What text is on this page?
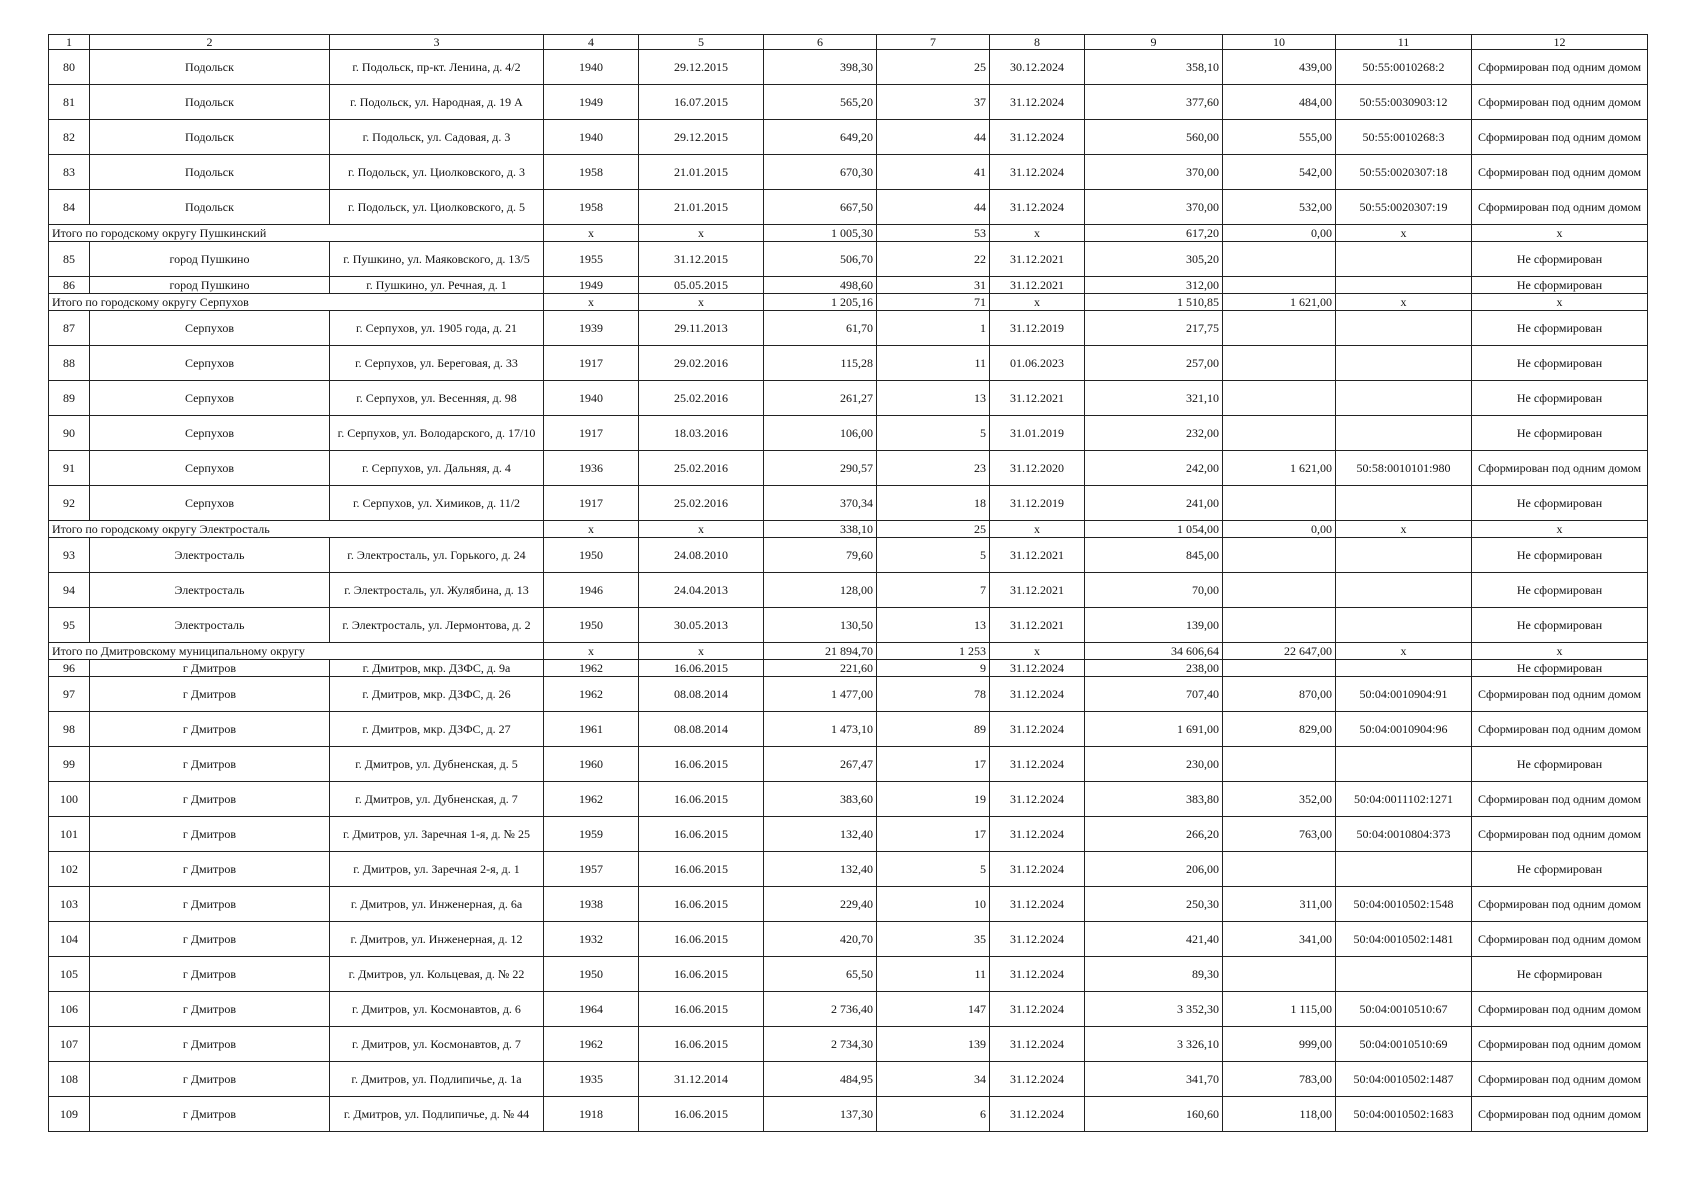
1	2	3	4	5	6	7	8	9	10	11	12
80	Подольск	г. Подольск, пр-кт. Ленина, д. 4/2	1940	29.12.2015	398,30	25	30.12.2024	358,10	439,00	50:55:0010268:2	Сформирован под одним домом
81	Подольск	г. Подольск, ул. Народная, д. 19 А	1949	16.07.2015	565,20	37	31.12.2024	377,60	484,00	50:55:0030903:12	Сформирован под одним домом
82	Подольск	г. Подольск, ул. Садовая, д. 3	1940	29.12.2015	649,20	44	31.12.2024	560,00	555,00	50:55:0010268:3	Сформирован под одним домом
83	Подольск	г. Подольск, ул. Циолковского, д. 3	1958	21.01.2015	670,30	41	31.12.2024	370,00	542,00	50:55:0020307:18	Сформирован под одним домом
84	Подольск	г. Подольск, ул. Циолковского, д. 5	1958	21.01.2015	667,50	44	31.12.2024	370,00	532,00	50:55:0020307:19	Сформирован под одним домом
Итого по городскому округу Пушкинский			х	х	1 005,30	53	х	617,20	0,00	х	х
85	город Пушкино	г. Пушкино, ул. Маяковского, д. 13/5	1955	31.12.2015	506,70	22	31.12.2021	305,20			Не сформирован
86	город Пушкино	г. Пушкино, ул. Речная, д. 1	1949	05.05.2015	498,60	31	31.12.2021	312,00			Не сформирован
Итого по городскому округу Серпухов			х	х	1 205,16	71	х	1 510,85	1 621,00	х	х
87	Серпухов	г. Серпухов, ул. 1905 года, д. 21	1939	29.11.2013	61,70	1	31.12.2019	217,75			Не сформирован
88	Серпухов	г. Серпухов, ул. Береговая, д. 33	1917	29.02.2016	115,28	11	01.06.2023	257,00			Не сформирован
89	Серпухов	г. Серпухов, ул. Весенняя, д. 98	1940	25.02.2016	261,27	13	31.12.2021	321,10			Не сформирован
90	Серпухов	г. Серпухов, ул. Володарского, д. 17/10	1917	18.03.2016	106,00	5	31.01.2019	232,00			Не сформирован
91	Серпухов	г. Серпухов, ул. Дальняя, д. 4	1936	25.02.2016	290,57	23	31.12.2020	242,00	1 621,00	50:58:0010101:980	Сформирован под одним домом
92	Серпухов	г. Серпухов, ул. Химиков, д. 11/2	1917	25.02.2016	370,34	18	31.12.2019	241,00			Не сформирован
Итого по городскому округу Электросталь			х	х	338,10	25	х	1 054,00	0,00	х	х
93	Электросталь	г. Электросталь, ул. Горького, д. 24	1950	24.08.2010	79,60	5	31.12.2021	845,00			Не сформирован
94	Электросталь	г. Электросталь, ул. Жулябина, д. 13	1946	24.04.2013	128,00	7	31.12.2021	70,00			Не сформирован
95	Электросталь	г. Электросталь, ул. Лермонтова, д. 2	1950	30.05.2013	130,50	13	31.12.2021	139,00			Не сформирован
Итого по Дмитровскому муниципальному округу			х	х	21 894,70	1 253	х	34 606,64	22 647,00	х	х
96	г Дмитров	г. Дмитров, мкр. ДЗФС, д. 9а	1962	16.06.2015	221,60	9	31.12.2024	238,00			Не сформирован
97	г Дмитров	г. Дмитров, мкр. ДЗФС, д. 26	1962	08.08.2014	1 477,00	78	31.12.2024	707,40	870,00	50:04:0010904:91	Сформирован под одним домом
98	г Дмитров	г. Дмитров, мкр. ДЗФС, д. 27	1961	08.08.2014	1 473,10	89	31.12.2024	1 691,00	829,00	50:04:0010904:96	Сформирован под одним домом
99	г Дмитров	г. Дмитров, ул. Дубненская, д. 5	1960	16.06.2015	267,47	17	31.12.2024	230,00			Не сформирован
100	г Дмитров	г. Дмитров, ул. Дубненская, д. 7	1962	16.06.2015	383,60	19	31.12.2024	383,80	352,00	50:04:0011102:1271	Сформирован под одним домом
101	г Дмитров	г. Дмитров, ул. Заречная 1-я, д. № 25	1959	16.06.2015	132,40	17	31.12.2024	266,20	763,00	50:04:0010804:373	Сформирован под одним домом
102	г Дмитров	г. Дмитров, ул. Заречная 2-я, д. 1	1957	16.06.2015	132,40	5	31.12.2024	206,00			Не сформирован
103	г Дмитров	г. Дмитров, ул. Инженерная, д. 6а	1938	16.06.2015	229,40	10	31.12.2024	250,30	311,00	50:04:0010502:1548	Сформирован под одним домом
104	г Дмитров	г. Дмитров, ул. Инженерная, д. 12	1932	16.06.2015	420,70	35	31.12.2024	421,40	341,00	50:04:0010502:1481	Сформирован под одним домом
105	г Дмитров	г. Дмитров, ул. Кольцевая, д. № 22	1950	16.06.2015	65,50	11	31.12.2024	89,30			Не сформирован
106	г Дмитров	г. Дмитров, ул. Космонавтов, д. 6	1964	16.06.2015	2 736,40	147	31.12.2024	3 352,30	1 115,00	50:04:0010510:67	Сформирован под одним домом
107	г Дмитров	г. Дмитров, ул. Космонавтов, д. 7	1962	16.06.2015	2 734,30	139	31.12.2024	3 326,10	999,00	50:04:0010510:69	Сформирован под одним домом
108	г Дмитров	г. Дмитров, ул. Подлипичье, д. 1а	1935	31.12.2014	484,95	34	31.12.2024	341,70	783,00	50:04:0010502:1487	Сформирован под одним домом
109	г Дмитров	г. Дмитров, ул. Подлипичье, д. № 44	1918	16.06.2015	137,30	6	31.12.2024	160,60	118,00	50:04:0010502:1683	Сформирован под одним домом
